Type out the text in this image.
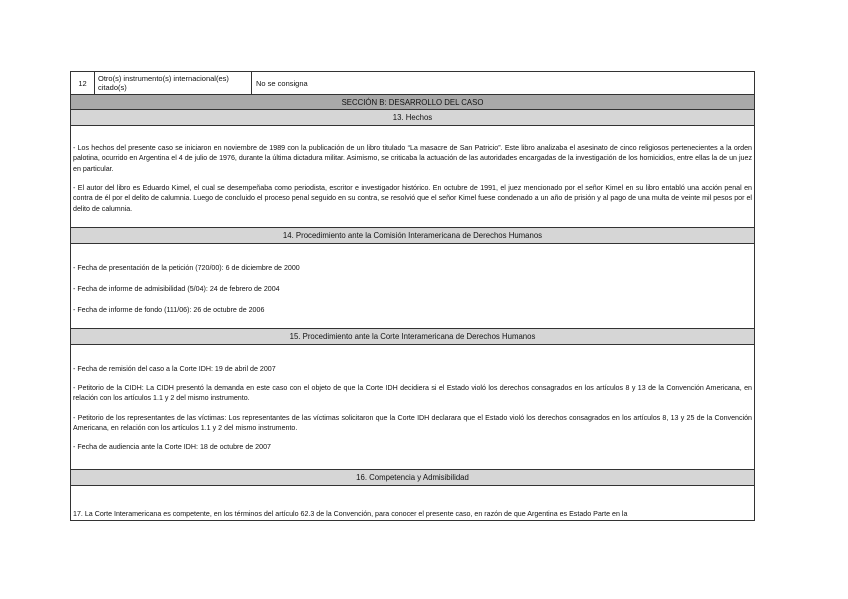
12	Otro(s) instrumento(s) internacional(es) citado(s)	No se consigna
SECCIÓN B: DESARROLLO DEL CASO
13. Hechos

- Los hechos del presente caso se iniciaron en noviembre de 1989 con la publicación de un libro titulado “La masacre de San Patricio”. Este libro analizaba el asesinato de cinco religiosos pertenecientes a la orden palotina, ocurrido en Argentina el 4 de julio de 1976, durante la última dictadura militar. Asimismo, se criticaba la actuación de las autoridades encargadas de la investigación de los homicidios, entre ellas la de un juez en particular.

- El autor del libro es Eduardo Kimel, el cual se desempeñaba como periodista, escritor e investigador histórico. En octubre de 1991, el juez mencionado por el señor Kimel en su libro entabló una acción penal en contra de él por el delito de calumnia. Luego de concluido el proceso penal seguido en su contra, se resolvió que el señor Kimel fuese condenado a un año de prisión y al pago de una multa de veinte mil pesos por el delito de calumnia.

14. Procedimiento ante la Comisión Interamericana de Derechos Humanos

- Fecha de presentación de la petición (720/00): 6 de diciembre de 2000

- Fecha de informe de admisibilidad (5/04): 24 de febrero de 2004

- Fecha de informe de fondo (111/06): 26 de octubre de 2006

15. Procedimiento ante la Corte Interamericana de Derechos Humanos

- Fecha de remisión del caso a la Corte IDH: 19 de abril de 2007

- Petitorio de la CIDH: La CIDH presentó la demanda en este caso con el objeto de que la Corte IDH decidiera si el Estado violó los derechos consagrados en los artículos 8 y 13 de la Convención Americana, en relación con los artículos 1.1 y 2 del mismo instrumento.

- Petitorio de los representantes de las víctimas: Los representantes de las víctimas solicitaron que la Corte IDH declarara que el Estado violó los derechos consagrados en los artículos 8, 13 y 25 de la Convención Americana, en relación con los artículos 1.1 y 2 del mismo instrumento.

- Fecha de audiencia ante la Corte IDH: 18 de octubre de 2007

16. Competencia y Admisibilidad

17. La Corte Interamericana es competente, en los términos del artículo 62.3 de la Convención, para conocer el presente caso, en razón de que Argentina es Estado Parte en la
